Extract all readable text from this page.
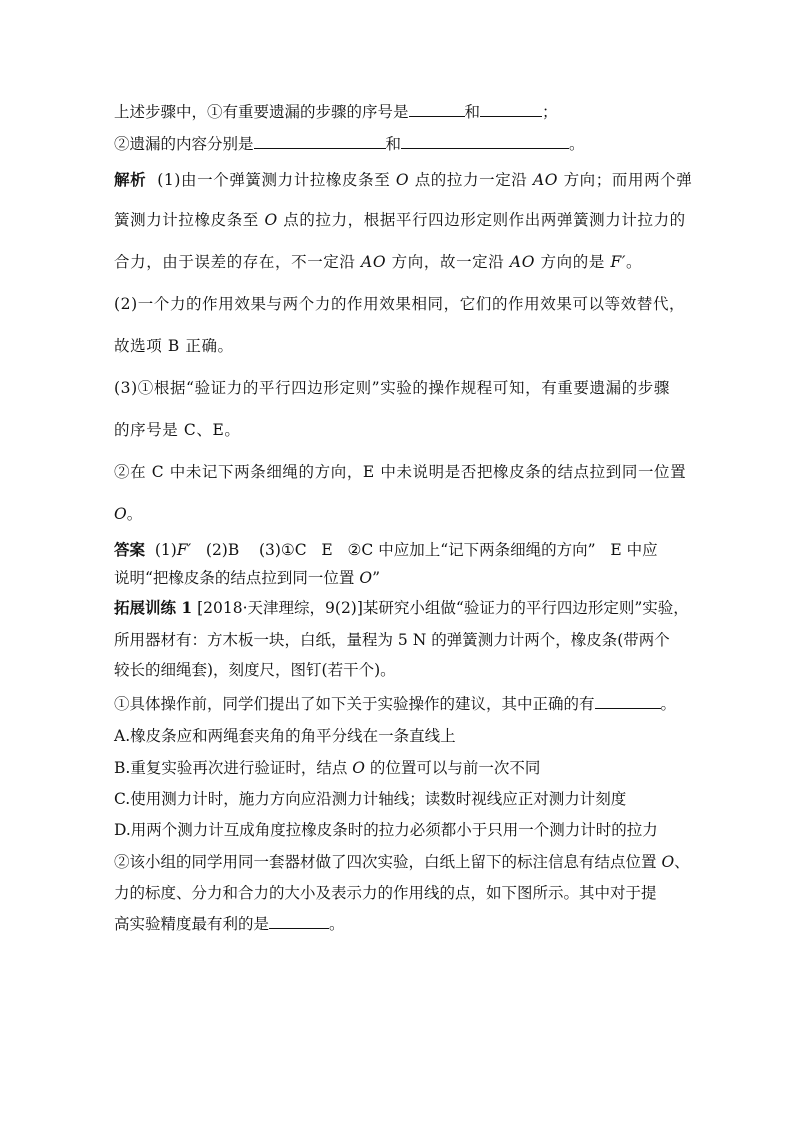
上述步骤中，①有重要遗漏的步骤的序号是	和	；
②遗漏的内容分别是	和	。
解析 (1)由一个弹簧测力计拉橡皮条至 O 点的拉力一定沿 AO 方向；而用两个弹
簧测力计拉橡皮条至 O 点的拉力，根据平行四边形定则作出两弹簧测力计拉力的
合力，由于误差的存在，不一定沿 AO 方向，故一定沿 AO 方向的是 F′。
(2)一个力的作用效果与两个力的作用效果相同，它们的作用效果可以等效替代，
故选项 B 正确。
(3)①根据“验证力的平行四边形定则”实验的操作规程可知，有重要遗漏的步骤
的序号是 C、E。
②在 C 中未记下两条细绳的方向，E 中未说明是否把橡皮条的结点拉到同一位置
O。
答案  (1)F′   (2)B    (3)①C   E   ②C 中应加上“记下两条细绳的方向”   E 中应
说明“把橡皮条的结点拉到同一位置 O”
拓展训练 1 [2018·天津理综，9(2)]某研究小组做“验证力的平行四边形定则”实验，
所用器材有：方木板一块，白纸，量程为 5 N 的弹簧测力计两个，橡皮条(带两个
较长的细绳套)，刻度尺，图钉(若干个)。
①具体操作前，同学们提出了如下关于实验操作的建议，其中正确的有	。
A.橡皮条应和两绳套夹角的角平分线在一条直线上
B.重复实验再次进行验证时，结点 O 的位置可以与前一次不同
C.使用测力计时，施力方向应沿测力计轴线；读数时视线应正对测力计刻度
D.用两个测力计互成角度拉橡皮条时的拉力必须都小于只用一个测力计时的拉力
②该小组的同学用同一套器材做了四次实验，白纸上留下的标注信息有结点位置 O、
力的标度、分力和合力的大小及表示力的作用线的点，如下图所示。其中对于提
高实验精度最有利的是	。
